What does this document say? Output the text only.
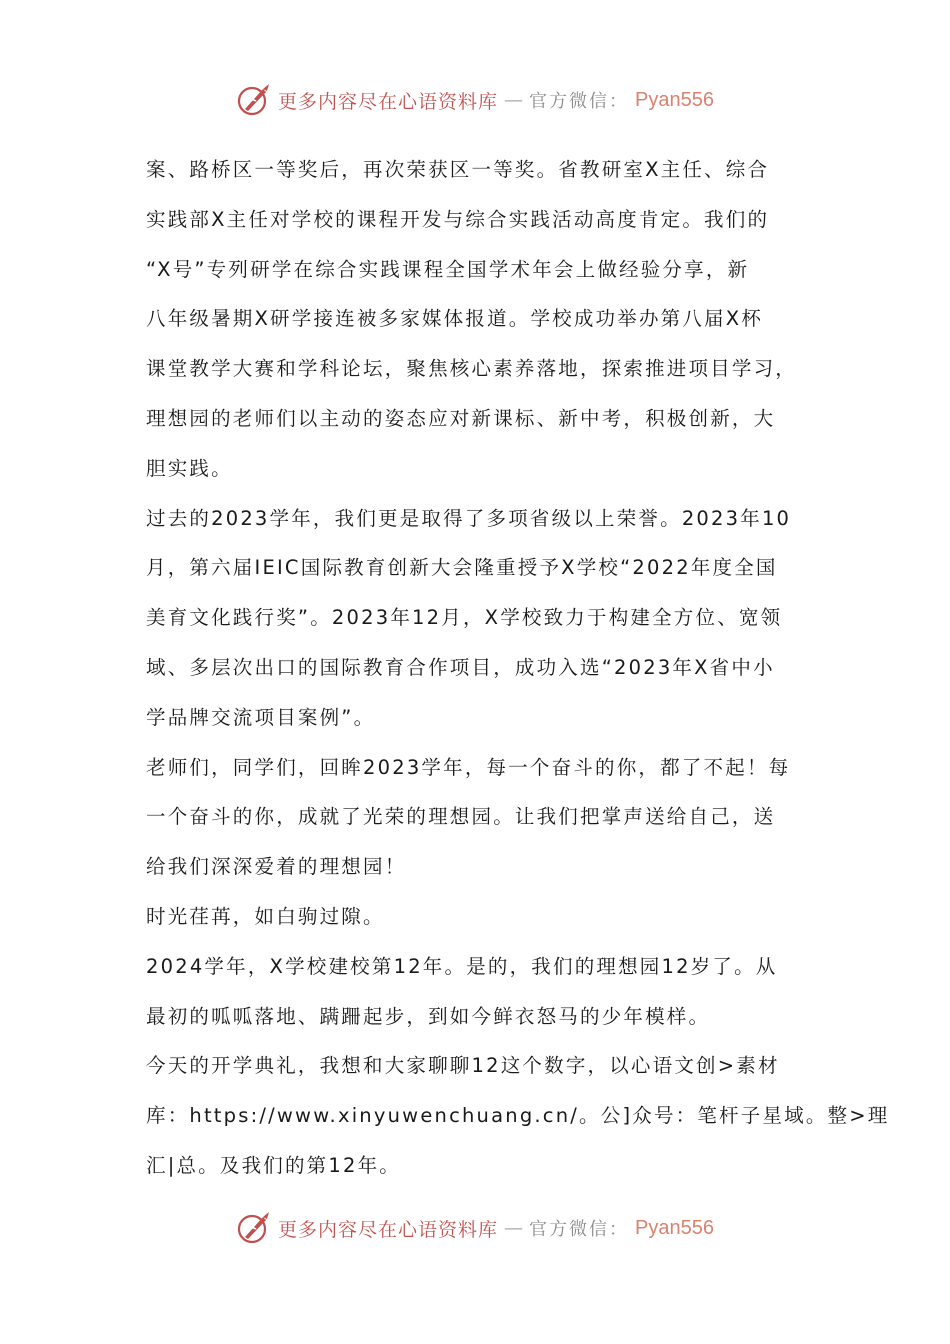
更多内容尽在心语资料库 — 官方微信： Pyan556

案、路桥区一等奖后，再次荣获区一等奖。省教研室X主任、综合

实践部X主任对学校的课程开发与综合实践活动高度肯定。我们的

“X号”专列研学在综合实践课程全国学术年会上做经验分享，新

八年级暑期X研学接连被多家媒体报道。学校成功举办第八届X杯

课堂教学大赛和学科论坛，聚焦核心素养落地，探索推进项目学习，

理想园的老师们以主动的姿态应对新课标、新中考，积极创新，大

胆实践。

过去的2023学年，我们更是取得了多项省级以上荣誉。2023年10

月，第六届IEIC国际教育创新大会隆重授予X学校“2022年度全国

美育文化践行奖”。2023年12月，X学校致力于构建全方位、宽领

域、多层次出口的国际教育合作项目，成功入选“2023年X省中小

学品牌交流项目案例”。

老师们，同学们，回眸2023学年，每一个奋斗的你，都了不起！每

一个奋斗的你，成就了光荣的理想园。让我们把掌声送给自己，送

给我们深深爱着的理想园！

时光荏苒，如白驹过隙。

2024学年，X学校建校第12年。是的，我们的理想园12岁了。从

最初的呱呱落地、蹒跚起步，到如今鲜衣怒马的少年模样。

今天的开学典礼，我想和大家聊聊12这个数字，以心语文创>素材

库：https://www.xinyuwenchuang.cn/。公]众号：笔杆子星域。整>理

汇|总。及我们的第12年。

更多内容尽在心语资料库 — 官方微信： Pyan556
